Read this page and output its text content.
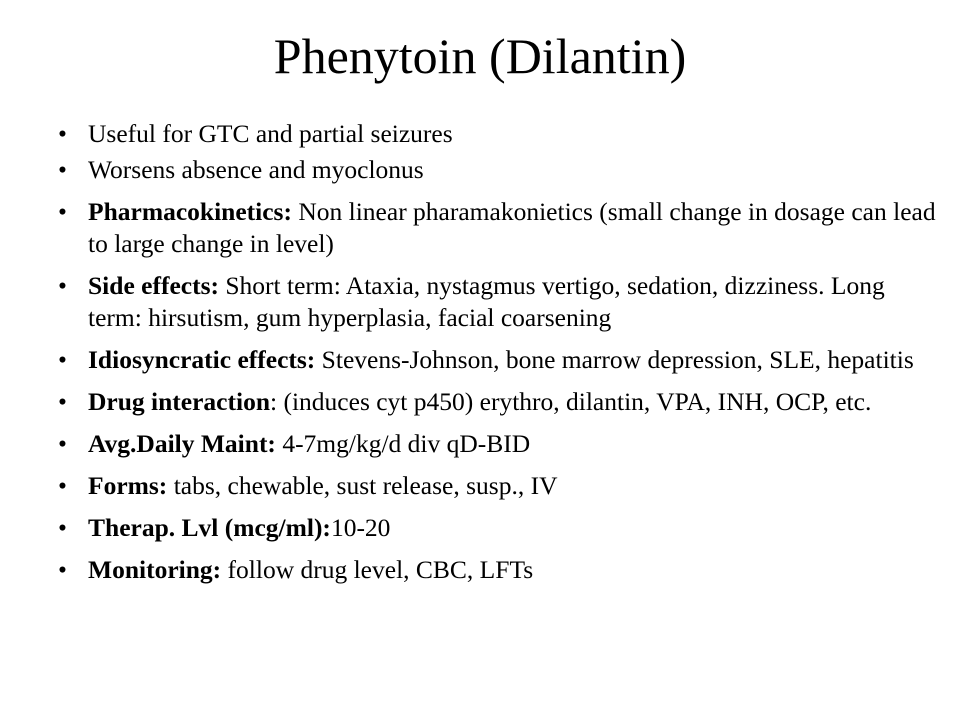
Phenytoin (Dilantin)
• Useful for GTC and partial seizures
• Worsens absence and myoclonus
• Pharmacokinetics: Non linear pharamakonietics (small change in dosage can lead to large change in level)
• Side effects: Short term: Ataxia, nystagmus vertigo, sedation, dizziness. Long term: hirsutism, gum hyperplasia, facial coarsening
• Idiosyncratic effects: Stevens-Johnson, bone marrow depression, SLE, hepatitis
• Drug interaction: (induces cyt p450) erythro, dilantin, VPA, INH, OCP, etc.
• Avg.Daily Maint: 4-7mg/kg/d div qD-BID
• Forms: tabs, chewable, sust release, susp., IV
• Therap. Lvl (mcg/ml):10-20
• Monitoring: follow drug level, CBC, LFTs
